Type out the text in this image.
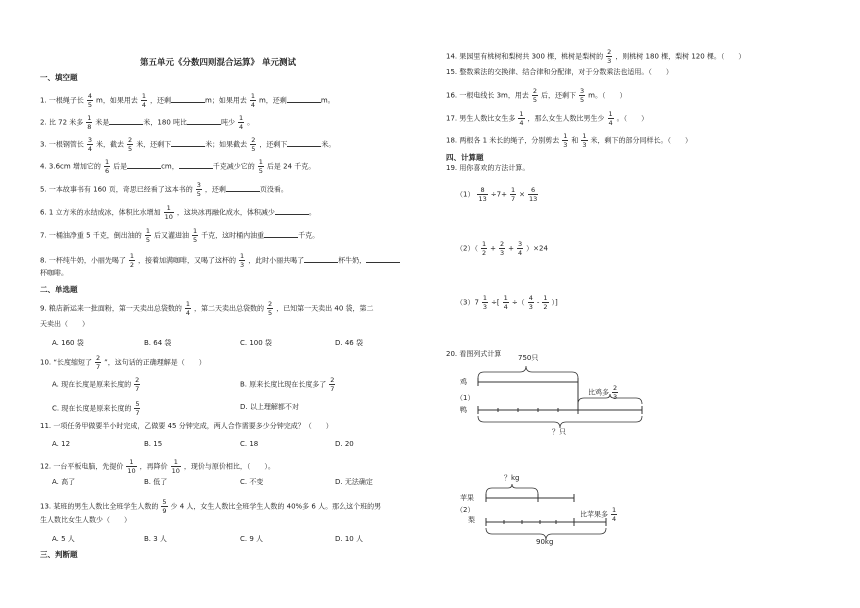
第五单元《分数四则混合运算》 单元测试
一、填空题
1. 一根绳子长 $\frac{4}{5}$ m，如果用去 $\frac{1}{4}$ ，还剩	m；如果用去 $\frac{1}{4}$ m，还剩	m。
2. 比 72 米多 $\frac{1}{8}$ 米是	米，180 吨比	吨少 $\frac{1}{4}$ 。
3. 一根钢管长 $\frac{3}{4}$ 米，截去 $\frac{2}{5}$ 米，还剩下	米；如果截去 $\frac{2}{5}$ ，还剩下	米。
4. 3.6cm 增加它的 $\frac{1}{6}$ 后是	cm，	千克减少它的 $\frac{1}{5}$ 后是 24 千克。
5. 一本故事书有 160 页，奇思已经看了这本书的 $\frac{3}{5}$ ，还剩	页没看。
6. 1 立方米的水结成冰，体积比水增加 $\frac{1}{10}$ ，这块冰再融化成水，体积减少	。
7. 一桶油净重 5 千克，倒出油的 $\frac{1}{5}$ 后又灌进油 $\frac{1}{5}$ 千克，这时桶内油重	千克。
8. 一杯纯牛奶，小丽先喝了 $\frac{1}{2}$ ，接着加满咖啡，又喝了这杯的 $\frac{1}{3}$ ，此时小丽共喝了	杯牛奶，
杯咖啡。
二、单选题
9. 粮店新运来一批面粉，第一天卖出总袋数的 $\frac{1}{4}$ ，第二天卖出总袋数的 $\frac{2}{5}$ ，已知第一天卖出 40 袋，第二
天卖出（　　）
A. 160 袋	B. 64 袋	C. 100 袋	D. 46 袋
10. “长度缩短了 $\frac{2}{7}$ ”，这句话的正确理解是（　　）
A. 现在长度是原来长度的 $\frac{2}{7}$	B. 原来长度比现在长度多了 $\frac{2}{7}$
C. 现在长度是原来长度的 $\frac{5}{7}$	D. 以上理解都不对
11. 一项任务甲做要半小时完成，乙做要 45 分钟完成，两人合作需要多少分钟完成？（　　）
A. 12	B. 15	C. 18	D. 20
12. 一台平板电脑，先提价 $\frac{1}{10}$ ，再降价 $\frac{1}{10}$ ，现价与原价相比，（　　）。
A. 高了	B. 低了	C. 不变	D. 无法确定
13. 某班的男生人数比全班学生人数的 $\frac{5}{9}$ 少 4 人，女生人数比全班学生人数的 40%多 6 人。那么这个班的男
生人数比女生人数少（　　）
A. 5 人	B. 3 人	C. 9 人	D. 10 人
三、判断题
14. 果园里有桃树和梨树共 300 棵，桃树是梨树的 $\frac{2}{3}$ ，则桃树 180 棵，梨树 120 棵。（　　）
15. 整数乘法的交换律、结合律和分配律，对于分数乘法也适用。（　　）
16. 一根电线长 3m，用去 $\frac{2}{5}$ 后，还剩下 $\frac{3}{5}$ m。（　　）
17. 男生人数比女生多 $\frac{1}{4}$ ，那么女生人数比男生少 $\frac{1}{4}$ 。（　　）
18. 两根各 1 米长的绳子，分别剪去 $\frac{1}{3}$ 和 $\frac{1}{3}$ 米，剩下的部分同样长。（　　）
四、计算题
19. 用你喜欢的方法计算。
$(1) \frac{8}{13} \div 7+ \frac{1}{7} \times \frac{6}{13}$
$(2)( \frac{1}{2} + \frac{2}{3} + \frac{3}{4} )\times 24$
$(3)7 \frac{1}{3}$ ÷[ $\frac{1}{4}$ ÷（ $\frac{4}{3} - \frac{1}{2}$ ）]
20. 看图列式计算 750只
鸡
（1）
鸭
比鸡多 $\frac{2}{3}$
？只
？kg
苹果
（2）
梨
比苹果多 $\frac{1}{4}$
90kg
